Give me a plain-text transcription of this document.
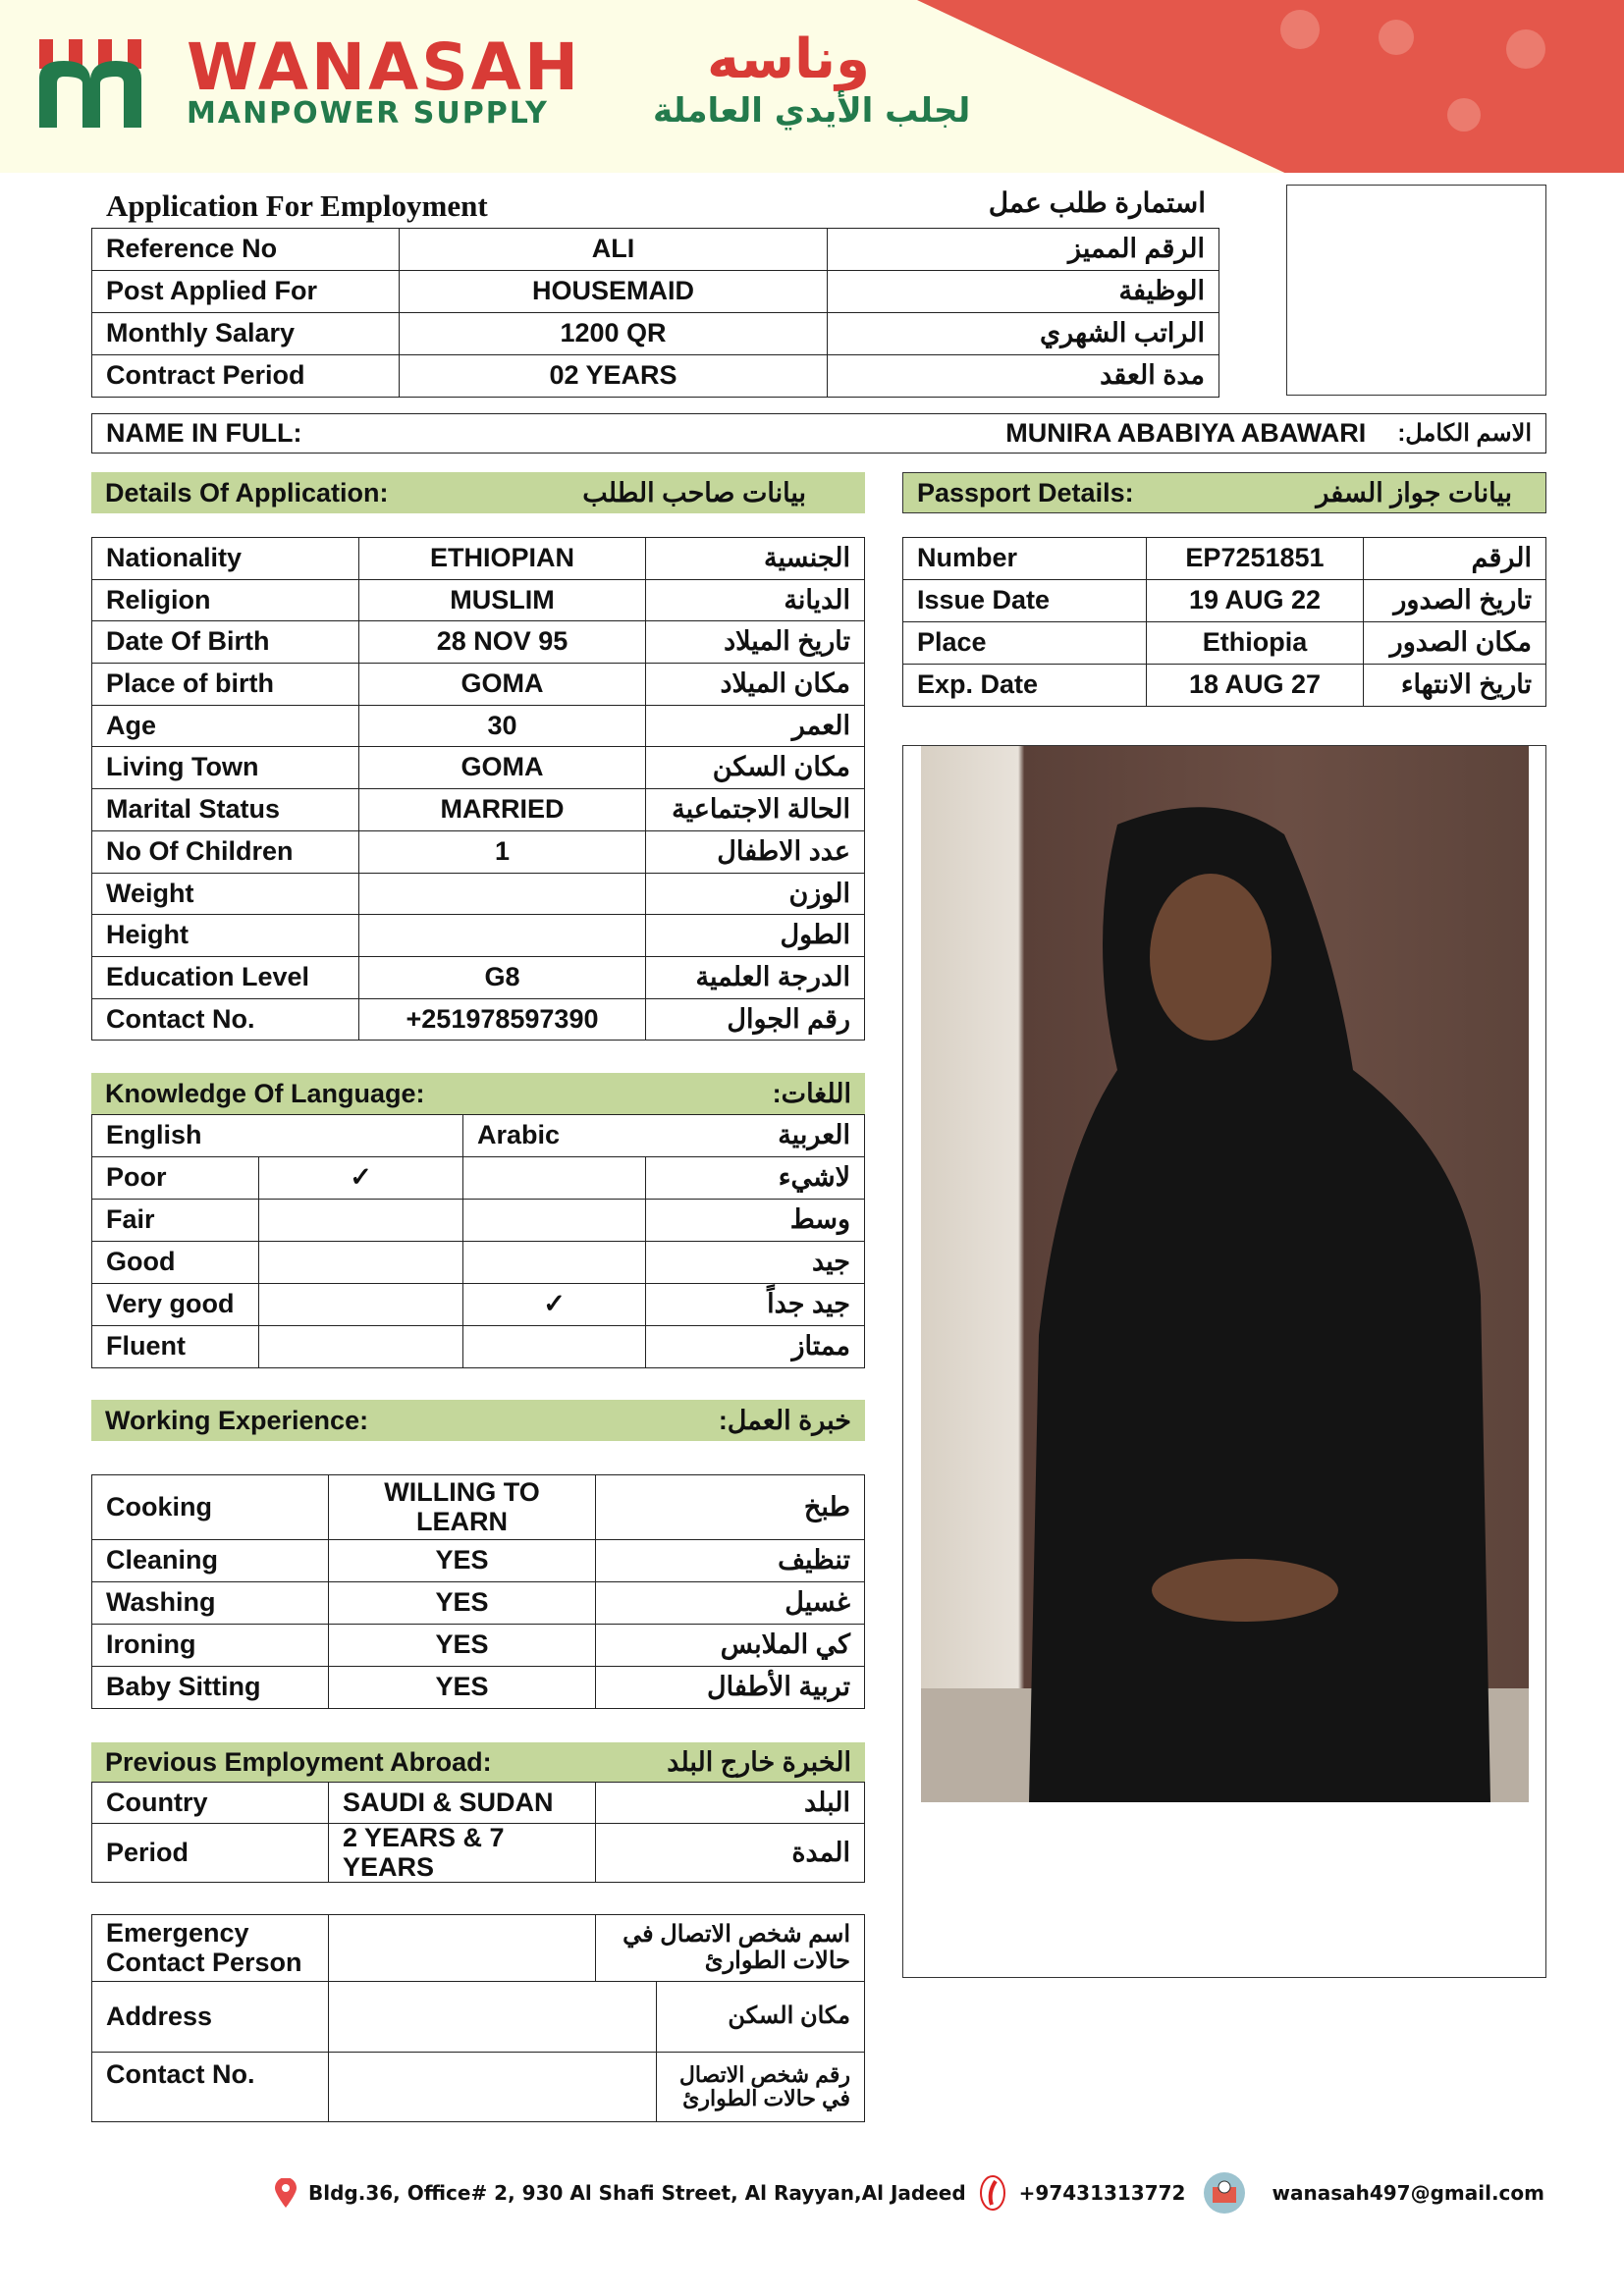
WANASAH وناسه
MANPOWER SUPPLY	لجلب الأيدي العاملة
Application For Employment	استمارة طلب عمل
Reference No	ALI	الرقم المميز
Post Applied For	HOUSEMAID	الوظيفة
Monthly Salary	1200 QR	الراتب الشهري
Contract Period	02 YEARS	مدة العقد
NAME IN FULL:	MUNIRA ABABIYA ABAWARI الاسم الكامل:
Details Of Application:	بيانات صاحب الطلب	Passport Details:	بيانات جواز السفر
Nationality	ETHIOPIAN	الجنسية
Religion	MUSLIM	الديانة
Date Of Birth	28 NOV 95	تاريخ الميلاد
Place of birth	GOMA	مكان الميلاد
Age	30	العمر
Living Town	GOMA	مكان السكن
Marital Status	MARRIED	الحالة الاجتماعية
No Of Children	1	عدد الاطفال
Weight		الوزن
Height		الطول
Education Level	G8	الدرجة العلمية
Contact No.	+251978597390	رقم الجوال
Number	EP7251851	الرقم
Issue Date	19 AUG 22	تاريخ الصدور
Place	Ethiopia	مكان الصدور
Exp. Date	18 AUG 27	تاريخ الانتهاء
Knowledge Of Language:	اللغات:
English		Arabic	العربية
Poor	✓		لاشيء
Fair			وسط
Good			جيد
Very good		✓	جيد جداً
Fluent			ممتاز
Working Experience:	خبرة العمل:
Cooking	WILLING TO LEARN	طبخ
Cleaning	YES	تنظيف
Washing	YES	غسيل
Ironing	YES	كي الملابس
Baby Sitting	YES	تربية الأطفال
Previous Employment Abroad:	الخبرة خارج البلد
Country	SAUDI & SUDAN	البلد
Period	2 YEARS & 7 YEARS	المدة
Emergency Contact Person		اسم شخص الاتصال في حالات الطوارئ	
Address			مكان السكن
Contact No.			رقم شخص الاتصال في حالات الطوارئ
Bldg.36, Office# 2, 930 Al Shafi Street, Al Rayyan,Al Jadeed	+97431313772	wanasah497@gmail.com
